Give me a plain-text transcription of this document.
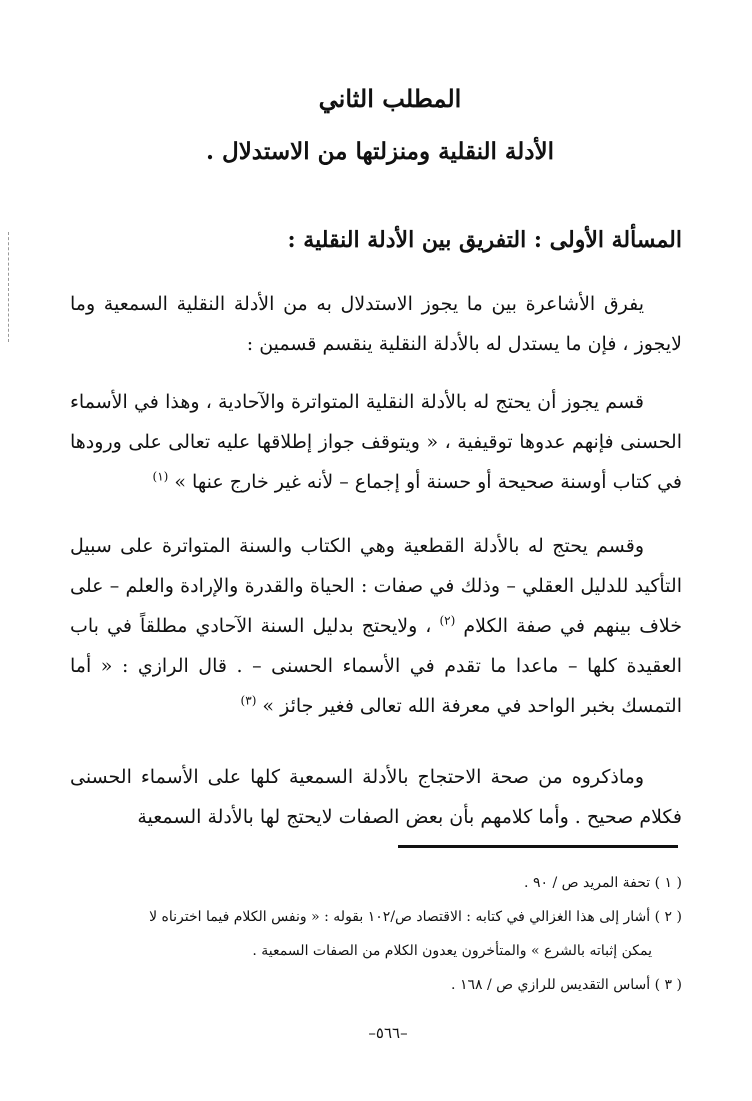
المطلب الثاني
الأدلة النقلية ومنزلتها من الاستدلال .
المسألة الأولى : التفريق بين الأدلة النقلية :
يفرق الأشاعرة بين ما يجوز الاستدلال به من الأدلة النقلية السمعية وما لايجوز ، فإن ما يستدل له بالأدلة النقلية ينقسم قسمين :
قسم يجوز أن يحتج له بالأدلة النقلية المتواترة والآحادية ، وهذا في الأسماء الحسنى فإنهم عدوها توقيفية ، « ويتوقف جواز إطلاقها عليه تعالى على ورودها في كتاب أوسنة صحيحة أو حسنة أو إجماع – لأنه غير خارج عنها » $^{(١)}$
وقسم يحتج له بالأدلة القطعية وهي الكتاب والسنة المتواترة على سبيل التأكيد للدليل العقلي – وذلك في صفات : الحياة والقدرة والإرادة والعلم – على خلاف بينهم في صفة الكلام $^{(٢)}$ ، ولايحتج بدليل السنة الآحادي مطلقاً في باب العقيدة كلها – ماعدا ما تقدم في الأسماء الحسنى – . قال الرازي : « أما التمسك بخبر الواحد في معرفة الله تعالى فغير جائز » $^{(٣)}$
وماذكروه من صحة الاحتجاج بالأدلة السمعية كلها على الأسماء الحسنى فكلام صحيح . وأما كلامهم بأن بعض الصفات لايحتج لها بالأدلة السمعية
( ١ ) تحفة المريد ص / ٩٠ .
( ٢ ) أشار إلى هذا الغزالي في كتابه : الاقتصاد ص/١٠٢ بقوله : « ونفس الكلام فيما اخترناه لا
يمكن إثباته بالشرع » والمتأخرون يعدون الكلام من الصفات السمعية .
( ٣ ) أساس التقديس للرازي ص / ١٦٨ .
–٥٦٦–
